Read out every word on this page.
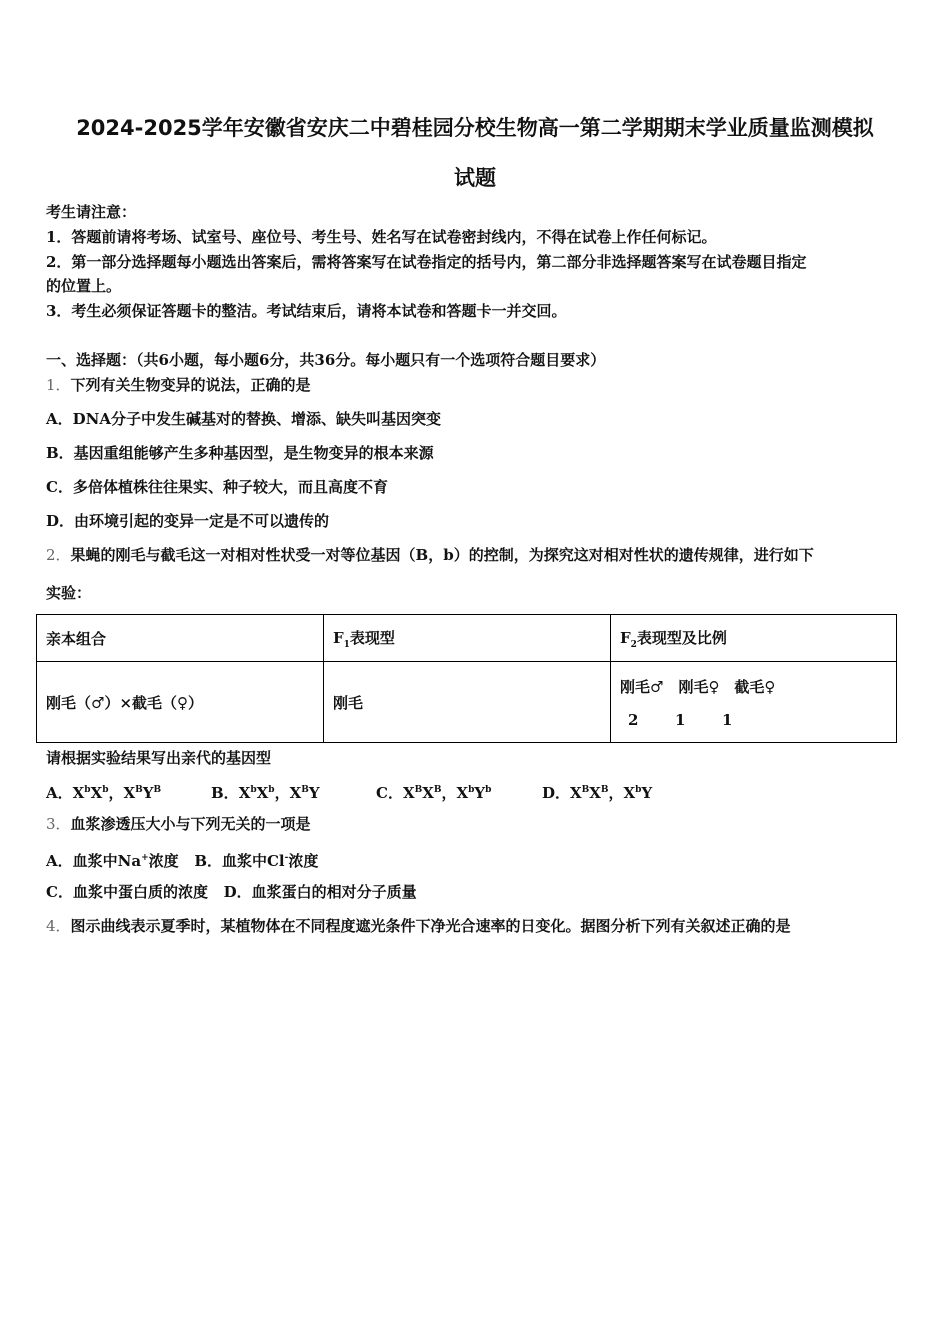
2024-2025学年安徽省安庆二中碧桂园分校生物高一第二学期期末学业质量监测模拟
试题
考生请注意：
1．答题前请将考场、试室号、座位号、考生号、姓名写在试卷密封线内，不得在试卷上作任何标记。
2．第一部分选择题每小题选出答案后，需将答案写在试卷指定的括号内，第二部分非选择题答案写在试卷题目指定
的位置上。
3．考生必须保证答题卡的整洁。考试结束后，请将本试卷和答题卡一并交回。
一、选择题：（共6小题，每小题6分，共36分。每小题只有一个选项符合题目要求）
1．下列有关生物变异的说法，正确的是
A．DNA分子中发生碱基对的替换、增添、缺失叫基因突变
B．基因重组能够产生多种基因型，是生物变异的根本来源
C．多倍体植株往往果实、种子较大，而且高度不育
D．由环境引起的变异一定是不可以遗传的
2．果蝇的刚毛与截毛这一对相对性状受一对等位基因（B，b）的控制，为探究这对相对性状的遗传规律，进行如下
实验：
亲本组合	$F_1$表现型	$F_2$表现型及比例
刚毛（♂）×截毛（♀）	刚毛	刚毛♂　刚毛♀　截毛♀
2 1 1
请根据实验结果写出亲代的基因型
A．$X^bX^b$，$X^BY^B$	B．$X^bX^b$，$X^BY$	C．$X^BX^B$，$X^bY^b$	D．$X^BX^B$，$X^bY$
3．血浆渗透压大小与下列无关的一项是
A．血浆中Na+浓度 B．血浆中Cl-浓度
C．血浆中蛋白质的浓度 D．血浆蛋白的相对分子质量
4．图示曲线表示夏季时，某植物体在不同程度遮光条件下净光合速率的日变化。据图分析下列有关叙述正确的是
